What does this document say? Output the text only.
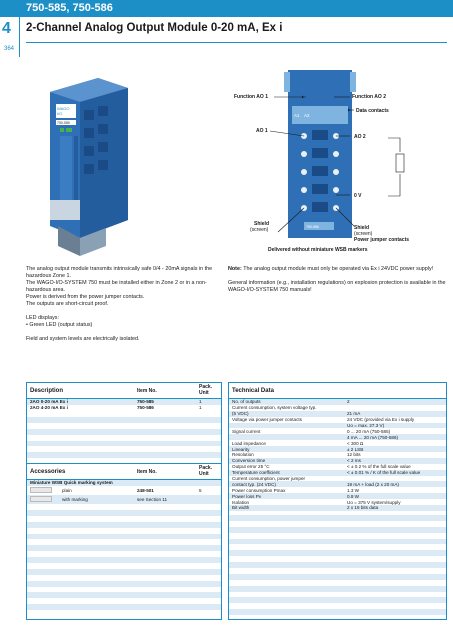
750-585, 750-586
4
364
2-Channel Analog Output Module 0-20 mA, Ex i
WAGO
I/O
750-585
A1 A2
750-586
Function AO 1	Function AO 2
Data contacts
AO 1
AO 2
0 V
Shield
(screen)	Shield
(screen)
Power jumper contacts
Delivered without miniature WSB markers

The analog output module transmits intrinsically safe 0/4 - 20mA signals in the hazardous Zone 1.

The WAGO-I/O-SYSTEM 750 must be installed either in Zone 2 or in a non-hazardous area.

Power is derived from the power jumper contacts.

The outputs are short-circuit proof.

LED displays:

• Green LED (output status)

Field and system levels are electrically isolated.

Note: The analog output module must only be operated via Ex i 24VDC power supply!

General information (e.g., installation regulations) on explosion protection is available in the WAGO-I/O-SYSTEM 750 manuals!

Description	Item No.
Pack.
Unit
2AO 0-20 mA Ex i	750-585	1
2AO 4-20 mA Ex i	750-586	1
Accessories	Item No.
Pack.
Unit
Miniature WSB Quick marking system
plain	248-501	5
with marking	see Section 11
Technical Data
No. of outputs	2
Current consumption, system voltage typ.
(5 VDC)	21 mA
Voltage via power jumper contacts	24 VDC (provided via Ex i supply
Uo = max. 27.3 V)
Signal current	0 ... 20 mA (750-585)
4 mA ... 20 mA (750-586)
Load impedance	< 300 Ω
Linearity	± 2 LSB
Resolution	12 bits
Conversion time	< 2 ms
Output error 25 °C	< ± 0.2 % of the full scale value
Temperature coefficient	< ± 0.01 % / K of the full scale value
Current consumption, power jumper
contact typ. (24 VDC)	19 mA + load (2 x 20 mA)
Power consumption Pmax	1.3 W
Power loss Pv	0.9 W
Isolation	Uo = 375 V system/supply
Bit width	2 x 16 bits data
